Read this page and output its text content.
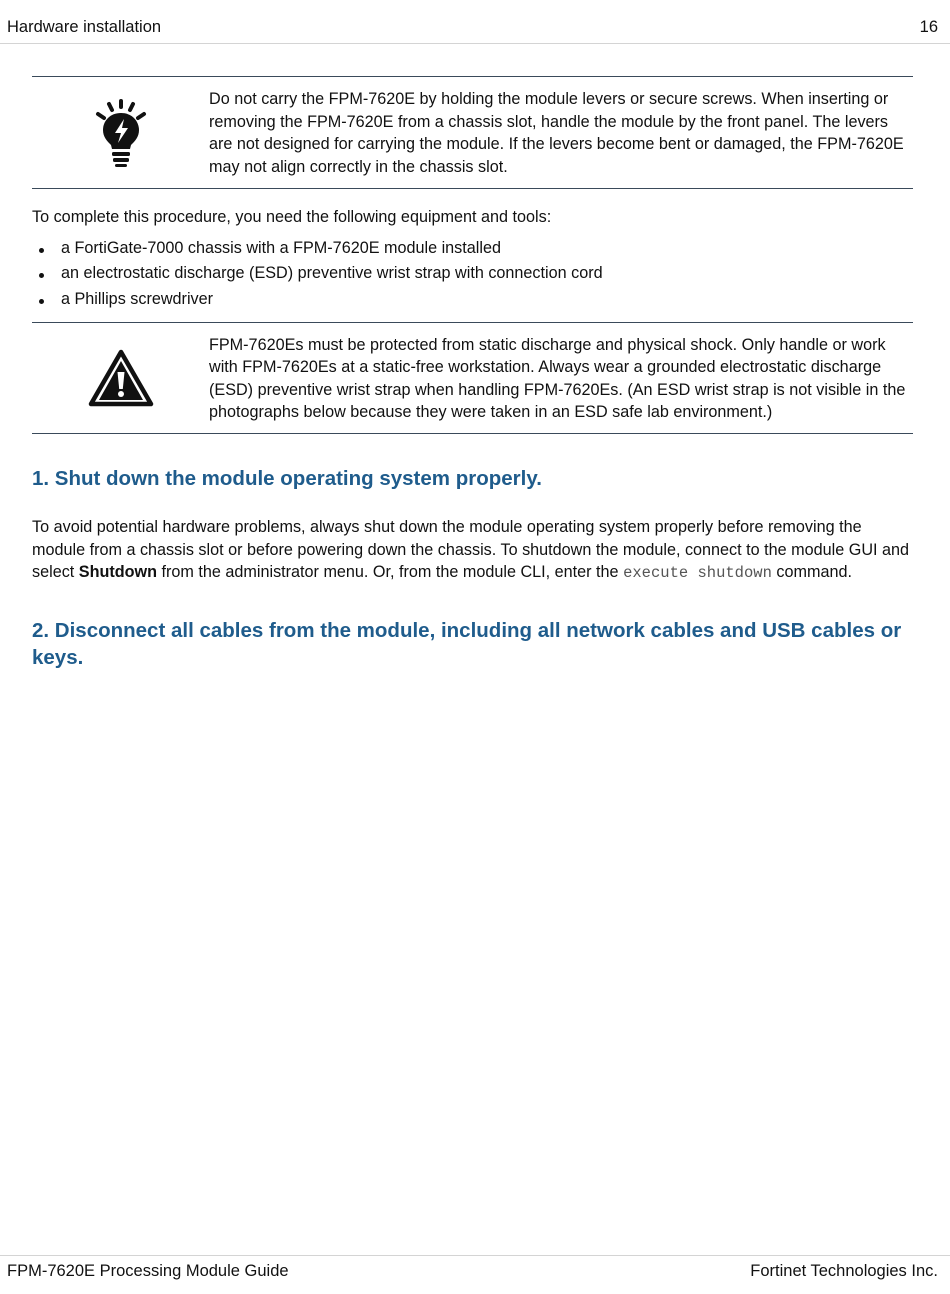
Hardware installation	16
Do not carry the FPM-7620E by holding the module levers or secure screws. When inserting or removing the FPM-7620E from a chassis slot, handle the module by the front panel. The levers are not designed for carrying the module. If the levers become bent or damaged, the FPM-7620E may not align correctly in the chassis slot.

To complete this procedure, you need the following equipment and tools:

a FortiGate-7000 chassis with a FPM-7620E module installed
an electrostatic discharge (ESD) preventive wrist strap with connection cord
a Phillips screwdriver
FPM-7620Es must be protected from static discharge and physical shock. Only handle or work with FPM-7620Es at a static-free workstation. Always wear a grounded electrostatic discharge (ESD) preventive wrist strap when handling FPM-7620Es. (An ESD wrist strap is not visible in the photographs below because they were taken in an ESD safe lab environment.)
1. Shut down the module operating system properly.

To avoid potential hardware problems, always shut down the module operating system properly before removing the module from a chassis slot or before powering down the chassis. To shutdown the module, connect to the module GUI and select Shutdown from the administrator menu. Or, from the module CLI, enter the execute shutdown command.

2. Disconnect all cables from the module, including all network cables and USB cables or keys.
FPM-7620E Processing Module Guide	Fortinet Technologies Inc.
